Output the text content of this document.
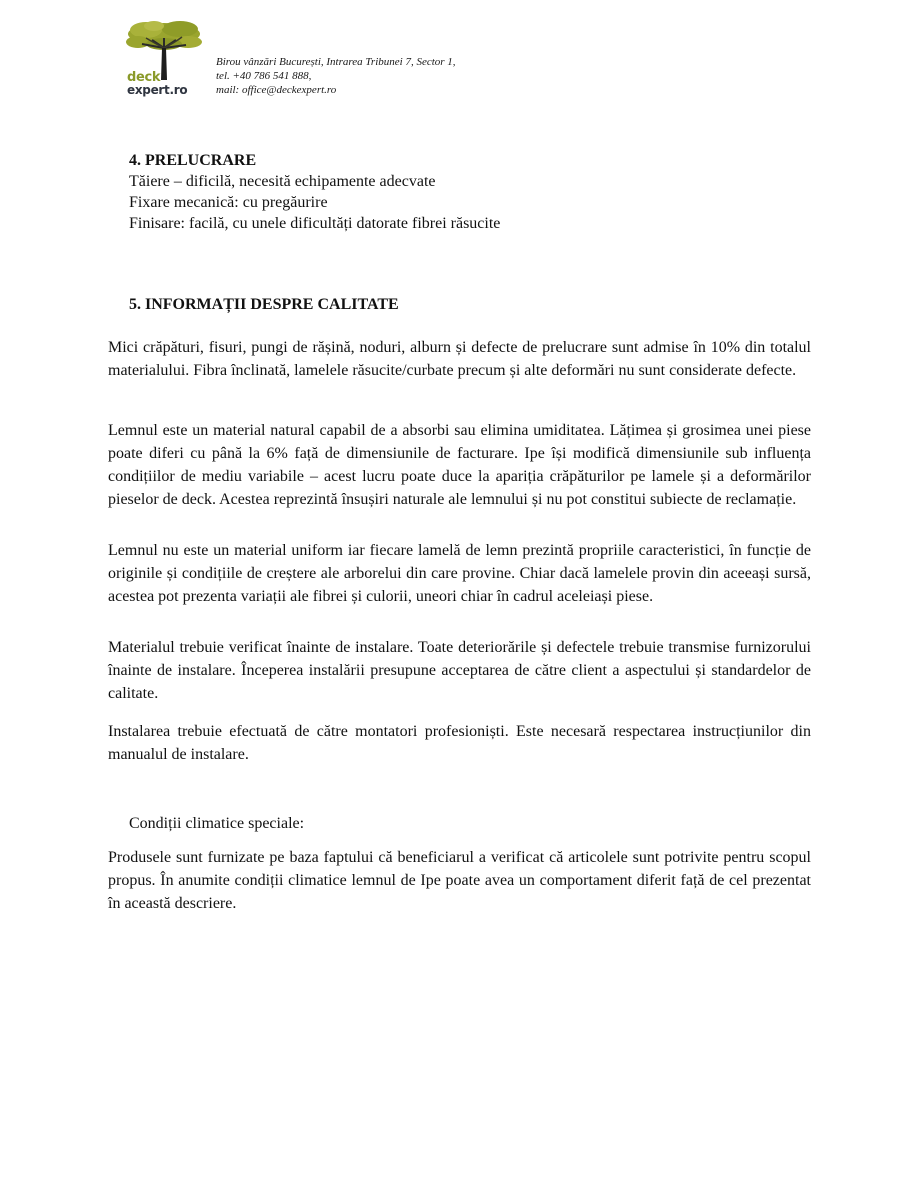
deck
expert.ro
Birou vânzări București, Intrarea Tribunei 7, Sector 1,
tel. +40 786 541 888,
mail: office@deckexpert.ro
4. PRELUCRARE
Tăiere – dificilă, necesită echipamente adecvate
Fixare mecanică: cu pregăurire
Finisare: facilă, cu unele dificultăți datorate fibrei răsucite
5. INFORMAȚII DESPRE CALITATE
Mici crăpături, fisuri, pungi de rășină, noduri, alburn și defecte de prelucrare sunt admise în 10% din totalul materialului. Fibra înclinată, lamelele răsucite/curbate precum și alte deformări nu sunt considerate defecte.
Lemnul este un material natural capabil de a absorbi sau elimina umiditatea. Lățimea și grosimea unei piese poate diferi cu până la 6% față de dimensiunile de facturare. Ipe își modifică dimensiunile sub influența condițiilor de mediu variabile – acest lucru poate duce la apariția crăpăturilor pe lamele și a deformărilor pieselor de deck. Acestea reprezintă însușiri naturale ale lemnului și nu pot constitui subiecte de reclamație.
Lemnul nu este un material uniform iar fiecare lamelă de lemn prezintă propriile caracteristici, în funcție de originile și condițiile de creștere ale arborelui din care provine. Chiar dacă lamelele provin din aceeași sursă, acestea pot prezenta variații ale fibrei și culorii, uneori chiar în cadrul aceleiași piese.
Materialul trebuie verificat înainte de instalare. Toate deteriorările și defectele trebuie transmise furnizorului înainte de instalare. Începerea instalării presupune acceptarea de către client a aspectului și standardelor de calitate.
Instalarea trebuie efectuată de către montatori profesioniști. Este necesară respectarea instrucțiunilor din manualul de instalare.
Condiții climatice speciale:
Produsele sunt furnizate pe baza faptului că beneficiarul a verificat că articolele sunt potrivite pentru scopul propus. În anumite condiții climatice lemnul de Ipe poate avea un comportament diferit față de cel prezentat în această descriere.
